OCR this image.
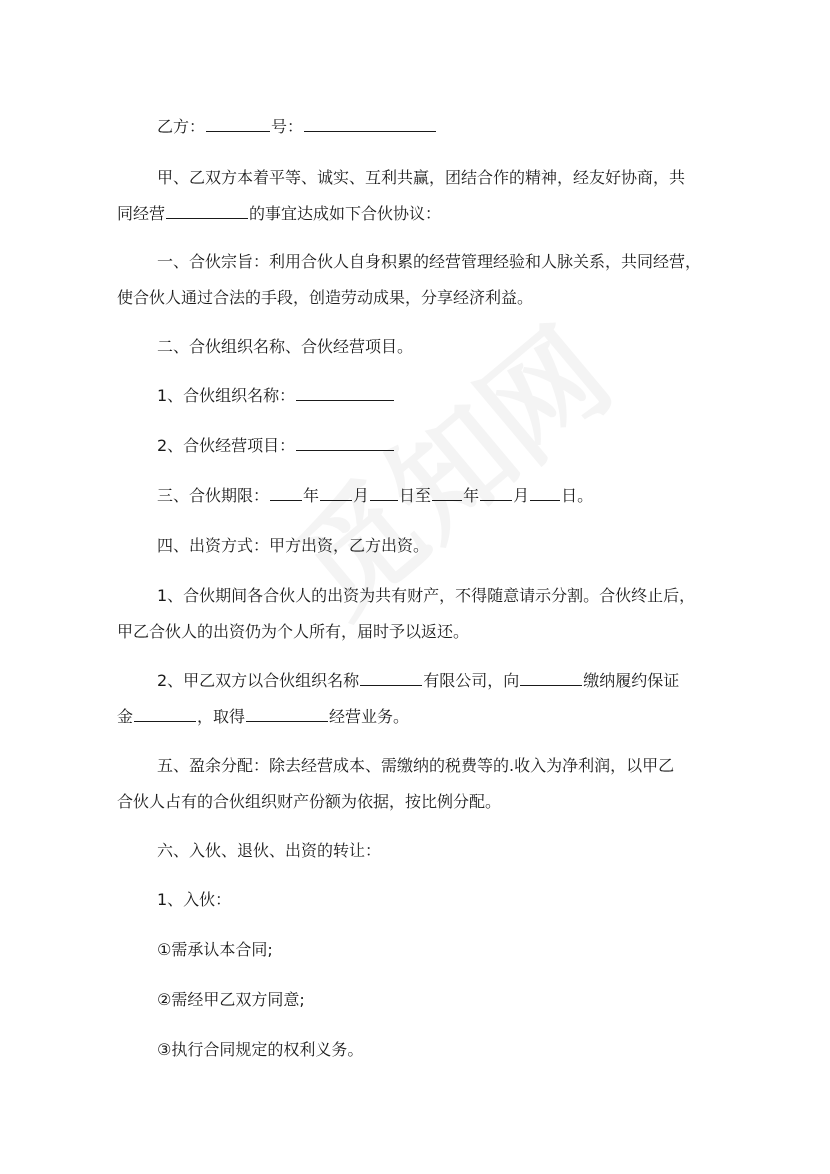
乙方：	号：
甲、乙双方本着平等、诚实、互利共赢，团结合作的精神，经友好协商，共
同经营	的事宜达成如下合伙协议：
一、合伙宗旨：利用合伙人自身积累的经营管理经验和人脉关系，共同经营，
使合伙人通过合法的手段，创造劳动成果，分享经济利益。
二、合伙组织名称、合伙经营项目。
1、合伙组织名称：
2、合伙经营项目：
三、合伙期限： 年 月 日至 年 月 日。
四、出资方式：甲方出资，乙方出资。
1、合伙期间各合伙人的出资为共有财产，不得随意请示分割。合伙终止后，
甲乙合伙人的出资仍为个人所有，届时予以返还。
2、甲乙双方以合伙组织名称	有限公司，向	缴纳履约保证
金	，取得	经营业务。
五、盈余分配：除去经营成本、需缴纳的税费等的.收入为净利润，以甲乙
合伙人占有的合伙组织财产份额为依据，按比例分配。
六、入伙、退伙、出资的转让：
1、入伙：
①需承认本合同;
②需经甲乙双方同意;
③执行合同规定的权利义务。
